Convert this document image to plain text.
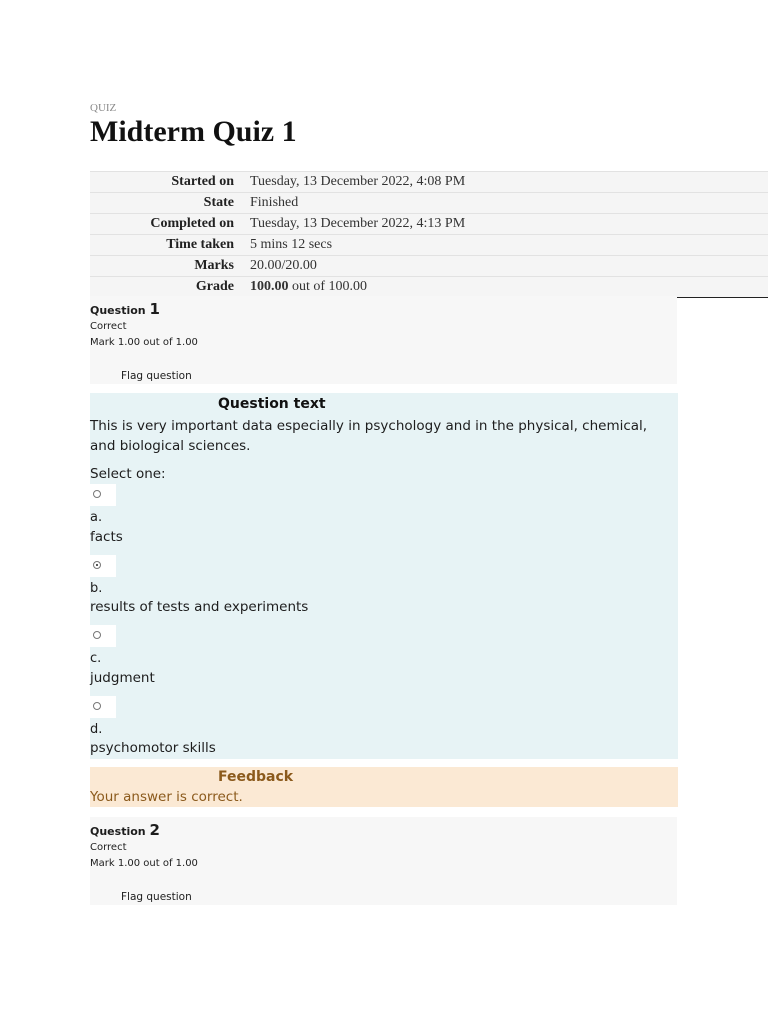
QUIZ
Midterm Quiz 1
Started on	Tuesday, 13 December 2022, 4:08 PM
State	Finished
Completed on	Tuesday, 13 December 2022, 4:13 PM
Time taken	5 mins 12 secs
Marks	20.00/20.00
Grade	100.00 out of 100.00
Question 1
Correct
Mark 1.00 out of 1.00
Flag question
Question text
This is very important data especially in psychology and in the physical, chemical, and biological sciences.
Select one:
a.
facts
b.
results of tests and experiments
c.
judgment
d.
psychomotor skills
Feedback
Your answer is correct.
Question 2
Correct
Mark 1.00 out of 1.00
Flag question
